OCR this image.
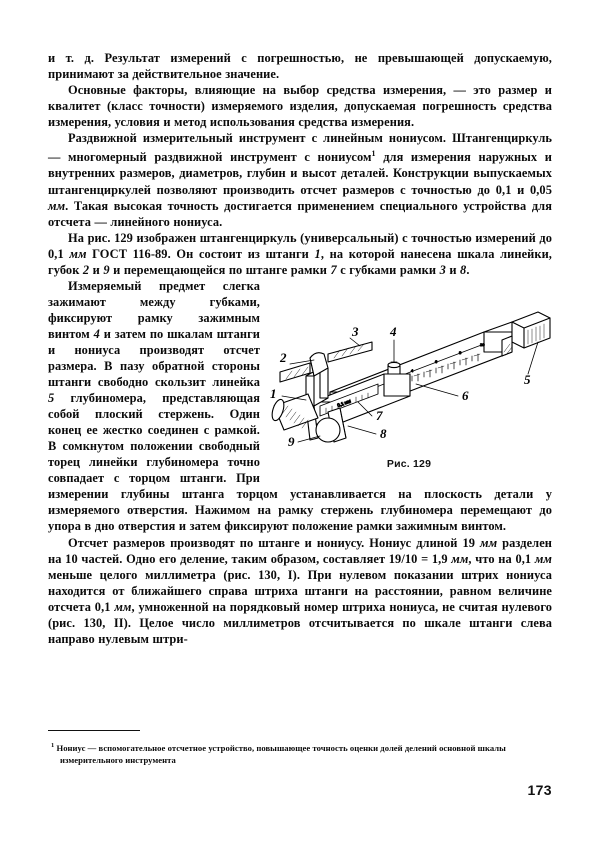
и т. д. Результат измерений с погрешностью, не превышающей допускаемую, принимают за действительное значение.

Основные факторы, влияющие на выбор средства измерения, — это размер и квалитет (класс точности) измеряемого изделия, допускаемая погрешность средства измерения, условия и метод использования средства измерения.

Раздвижной измерительный инструмент с линейным нониусом. Штангенциркуль — многомерный раздвижной инструмент с нониусом$^1$ для измерения наружных и внутренних размеров, диаметров, глубин и высот деталей. Конструкции выпускаемых штангенциркулей позволяют производить отсчет размеров с точностью до 0,1 и 0,05 мм. Такая высокая точность достигается применением специального устройства для отсчета — линейного нониуса.

На рис. 129 изображен штангенциркуль (универсальный) с точностью измерений до 0,1 мм ГОСТ 116-89. Он состоит из штанги 1, на которой нанесена шкала линейки, губок 2 и 9 и перемещающейся по штанге рамки 7 с губками рамки 3 и 8.

4
6
8
10
0,1 мм
1
2
3 4
5
6
7
8
9
Рис. 129

Измеряемый предмет слегка зажимают между губками, фиксируют рамку зажимным винтом 4 и затем по шкалам штанги и нониуса производят отсчет размера. В пазу обратной стороны штанги свободно скользит линейка 5 глубиномера, представляющая собой плоский стержень. Один конец ее жестко соединен с рамкой. В сомкнутом положении свободный торец линейки глубиномера точно совпадает с торцом штанги. При измерении глубины штанга торцом устанавливается на плоскость детали у измеряемого отверстия. Нажимом на рамку стержень глубиномера перемещают до упора в дно отверстия и затем фиксируют положение рамки зажимным винтом.

Отсчет размеров производят по штанге и нониусу. Нониус длиной 19 мм разделен на 10 частей. Одно его деление, таким образом, составляет 19/10 = 1,9 мм, что на 0,1 мм меньше целого миллиметра (рис. 130, I). При нулевом показании штрих нониуса находится от ближайшего справа штриха штанги на расстоянии, равном величине отсчета 0,1 мм, умноженной на порядковый номер штриха нониуса, не считая нулевого (рис. 130, II). Целое число миллиметров отсчитывается по шкале штанги слева направо нулевым штри-

$^1$ Нониус — вспомогательное отсчетное устройство, повышающее точность оценки долей делений основной шкалы измерительного инструмента

173
